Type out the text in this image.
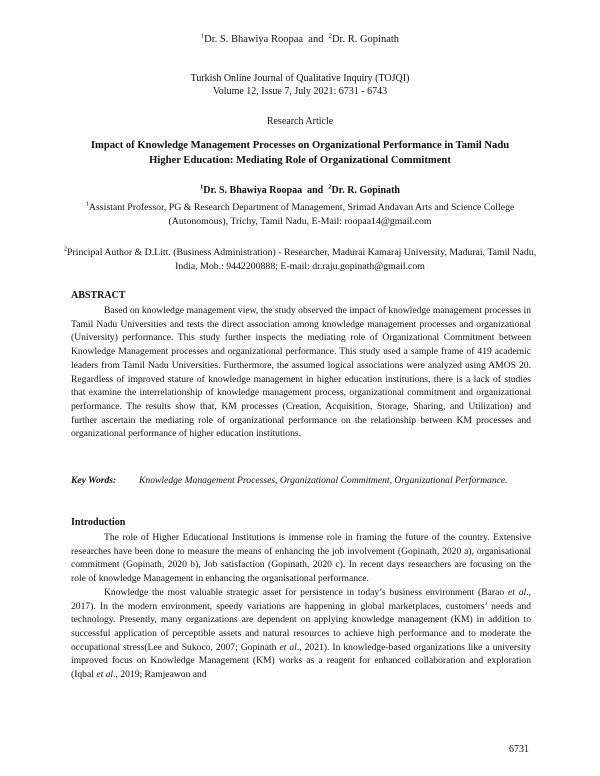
$^1$Dr. S. Bhawiya Roopaa and $^2$Dr. R. Gopinath
Turkish Online Journal of Qualitative Inquiry (TOJQI)
Volume 12, Issue 7, July 2021: 6731 - 6743
Research Article
Impact of Knowledge Management Processes on Organizational Performance in Tamil Nadu Higher Education: Mediating Role of Organizational Commitment
$^1$Dr. S. Bhawiya Roopaa and $^2$Dr. R. Gopinath
$^1$Assistant Professor, PG & Research Department of Management, Srimad Andavan Arts and Science College (Autonomous), Trichy, Tamil Nadu, E-Mail: roopaa14@gmail.com
$^2$Principal Author & D.Litt. (Business Administration) - Researcher, Madurai Kamaraj University, Madurai, Tamil Nadu, India, Mob.: 9442200888; E-mail: dr.raju.gopinath@gmail.com
ABSTRACT
Based on knowledge management view, the study observed the impact of knowledge management processes in Tamil Nadu Universities and tests the direct association among knowledge management processes and organizational (University) performance. This study further inspects the mediating role of Organizational Commitment between Knowledge Management processes and organizational performance. This study used a sample frame of 419 academic leaders from Tamil Nadu Universities. Furthermore, the assumed logical associations were analyzed using AMOS 20. Regardless of improved stature of knowledge management in higher education institutions, there is a lack of studies that examine the interrelationship of knowledge management process, organizational commitment and organizational performance. The results show that, KM processes (Creation, Acquisition, Storage, Sharing, and Utilization) and further ascertain the mediating role of organizational performance on the relationship between KM processes and organizational performance of higher education institutions.
Key Words:	Knowledge Management Processes, Organizational Commitment, Organizational Performance.
Introduction

The role of Higher Educational Institutions is immense role in framing the future of the country. Extensive researches have been done to measure the means of enhancing the job involvement (Gopinath, 2020 a), organisational commitment (Gopinath, 2020 b), Job satisfaction (Gopinath, 2020 c). In recent days researchers are focusing on the role of knowledge Management in enhancing the organisational performance.

Knowledge the most valuable strategic asset for persistence in today’s business environment (Barao et al., 2017). In the modern environment, speedy variations are happening in global marketplaces, customers’ needs and technology. Presently, many organizations are dependent on applying knowledge management (KM) in addition to successful application of perceptible assets and natural resources to achieve high performance and to moderate the occupational stress(Lee and Sukoco, 2007; Gopinath et al., 2021). In knowledge-based organizations like a university improved focus on Knowledge Management (KM) works as a reagent for enhanced collaboration and exploration (Iqbal et al., 2019; Ramjeawon and

6731
